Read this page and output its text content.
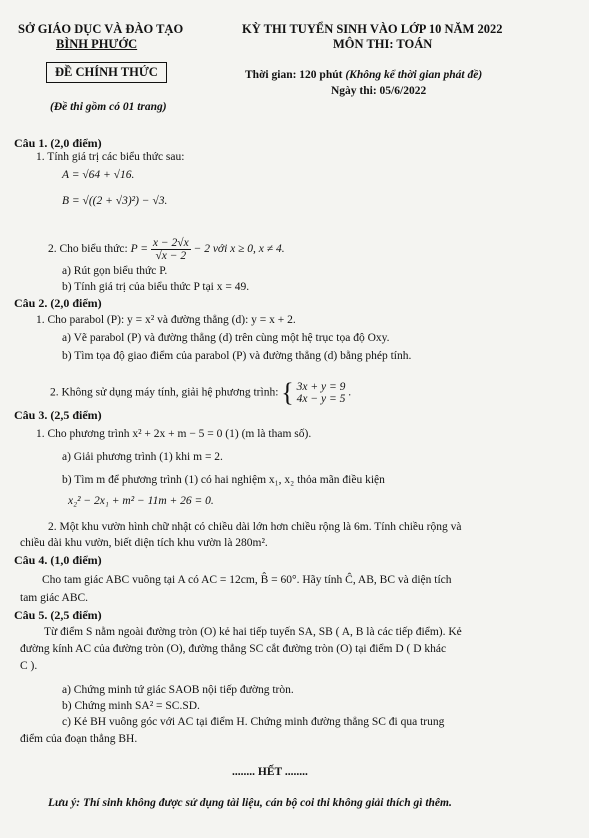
SỞ GIÁO DỤC VÀ ĐÀO TẠO
BÌNH PHƯỚC
ĐỀ CHÍNH THỨC
(Đề thi gồm có 01 trang)
KỲ THI TUYỂN SINH VÀO LỚP 10 NĂM 2022
MÔN THI: TOÁN
Thời gian: 120 phút (Không kể thời gian phát đề)
Ngày thi: 05/6/2022
Câu 1. (2,0 điểm)
1. Tính giá trị các biểu thức sau:
A = √64 + √16.
B = √((2 + √3)²) − √3.
2. Cho biểu thức: $P = \frac{x - 2√x}{√x - 2} - 2$ với x ≥ 0, x ≠ 4.
a) Rút gọn biểu thức P.
b) Tính giá trị của biểu thức P tại x = 49.
Câu 2. (2,0 điểm)
1. Cho parabol (P): y = x² và đường thẳng (d): y = x + 2.
a) Vẽ parabol (P) và đường thẳng (d) trên cùng một hệ trục tọa độ Oxy.
b) Tìm tọa độ giao điểm của parabol (P) và đường thẳng (d) bằng phép tính.
2. Không sử dụng máy tính, giải hệ phương trình: { 3x + y = 9
4x − y = 5
.
Câu 3. (2,5 điểm)
1. Cho phương trình x² + 2x + m − 5 = 0 (1) (m là tham số).
a) Giải phương trình (1) khi m = 2.
b) Tìm m để phương trình (1) có hai nghiệm x₁, x₂ thỏa mãn điều kiện
x₂² − 2x₁ + m² − 11m + 26 = 0.
2. Một khu vườn hình chữ nhật có chiều dài lớn hơn chiều rộng là 6m. Tính chiều rộng và
chiều dài khu vườn, biết diện tích khu vườn là 280m².
Câu 4. (1,0 điểm)
Cho tam giác ABC vuông tại A có AC = 12cm, B̂ = 60°. Hãy tính Ĉ, AB, BC và diện tích
tam giác ABC.
Câu 5. (2,5 điểm)
Từ điểm S nằm ngoài đường tròn (O) kẻ hai tiếp tuyến SA, SB ( A, B là các tiếp điểm). Kẻ
đường kính AC của đường tròn (O), đường thẳng SC cắt đường tròn (O) tại điểm D ( D khác
C ).
a) Chứng minh tứ giác SAOB nội tiếp đường tròn.
b) Chứng minh SA² = SC.SD.
c) Kẻ BH vuông góc với AC tại điểm H. Chứng minh đường thẳng SC đi qua trung
điểm của đoạn thẳng BH.
........ HẾT ........
Lưu ý: Thí sinh không được sử dụng tài liệu, cán bộ coi thi không giải thích gì thêm.
